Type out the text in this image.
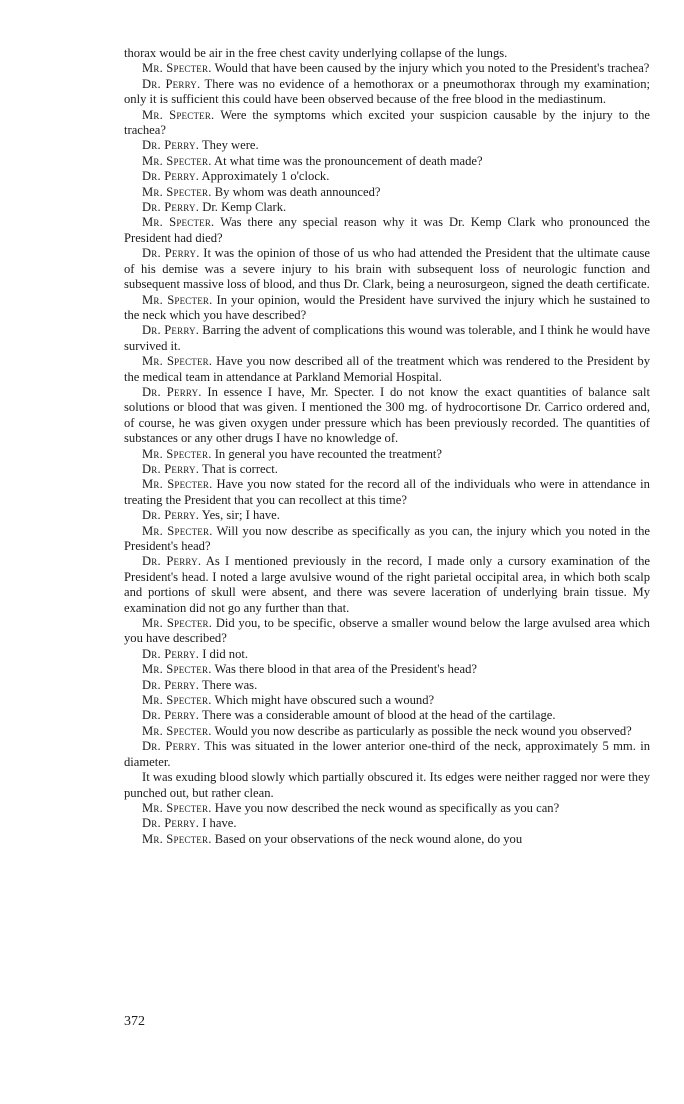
thorax would be air in the free chest cavity underlying collapse of the lungs.

Mr. Specter. Would that have been caused by the injury which you noted to the President's trachea?

Dr. Perry. There was no evidence of a hemothorax or a pneumothorax through my examination; only it is sufficient this could have been observed because of the free blood in the mediastinum.

Mr. Specter. Were the symptoms which excited your suspicion causable by the injury to the trachea?

Dr. Perry. They were.

Mr. Specter. At what time was the pronouncement of death made?

Dr. Perry. Approximately 1 o'clock.

Mr. Specter. By whom was death announced?

Dr. Perry. Dr. Kemp Clark.

Mr. Specter. Was there any special reason why it was Dr. Kemp Clark who pronounced the President had died?

Dr. Perry. It was the opinion of those of us who had attended the President that the ultimate cause of his demise was a severe injury to his brain with subsequent loss of neurologic function and subsequent massive loss of blood, and thus Dr. Clark, being a neurosurgeon, signed the death certificate.

Mr. Specter. In your opinion, would the President have survived the injury which he sustained to the neck which you have described?

Dr. Perry. Barring the advent of complications this wound was tolerable, and I think he would have survived it.

Mr. Specter. Have you now described all of the treatment which was rendered to the President by the medical team in attendance at Parkland Memorial Hospital.

Dr. Perry. In essence I have, Mr. Specter. I do not know the exact quantities of balance salt solutions or blood that was given. I mentioned the 300 mg. of hydrocortisone Dr. Carrico ordered and, of course, he was given oxygen under pressure which has been previously recorded. The quantities of substances or any other drugs I have no knowledge of.

Mr. Specter. In general you have recounted the treatment?

Dr. Perry. That is correct.

Mr. Specter. Have you now stated for the record all of the individuals who were in attendance in treating the President that you can recollect at this time?

Dr. Perry. Yes, sir; I have.

Mr. Specter. Will you now describe as specifically as you can, the injury which you noted in the President's head?

Dr. Perry. As I mentioned previously in the record, I made only a cursory examination of the President's head. I noted a large avulsive wound of the right parietal occipital area, in which both scalp and portions of skull were absent, and there was severe laceration of underlying brain tissue. My examination did not go any further than that.

Mr. Specter. Did you, to be specific, observe a smaller wound below the large avulsed area which you have described?

Dr. Perry. I did not.

Mr. Specter. Was there blood in that area of the President's head?

Dr. Perry. There was.

Mr. Specter. Which might have obscured such a wound?

Dr. Perry. There was a considerable amount of blood at the head of the cartilage.

Mr. Specter. Would you now describe as particularly as possible the neck wound you observed?

Dr. Perry. This was situated in the lower anterior one-third of the neck, approximately 5 mm. in diameter.

It was exuding blood slowly which partially obscured it. Its edges were neither ragged nor were they punched out, but rather clean.

Mr. Specter. Have you now described the neck wound as specifically as you can?

Dr. Perry. I have.

Mr. Specter. Based on your observations of the neck wound alone, do you

372
